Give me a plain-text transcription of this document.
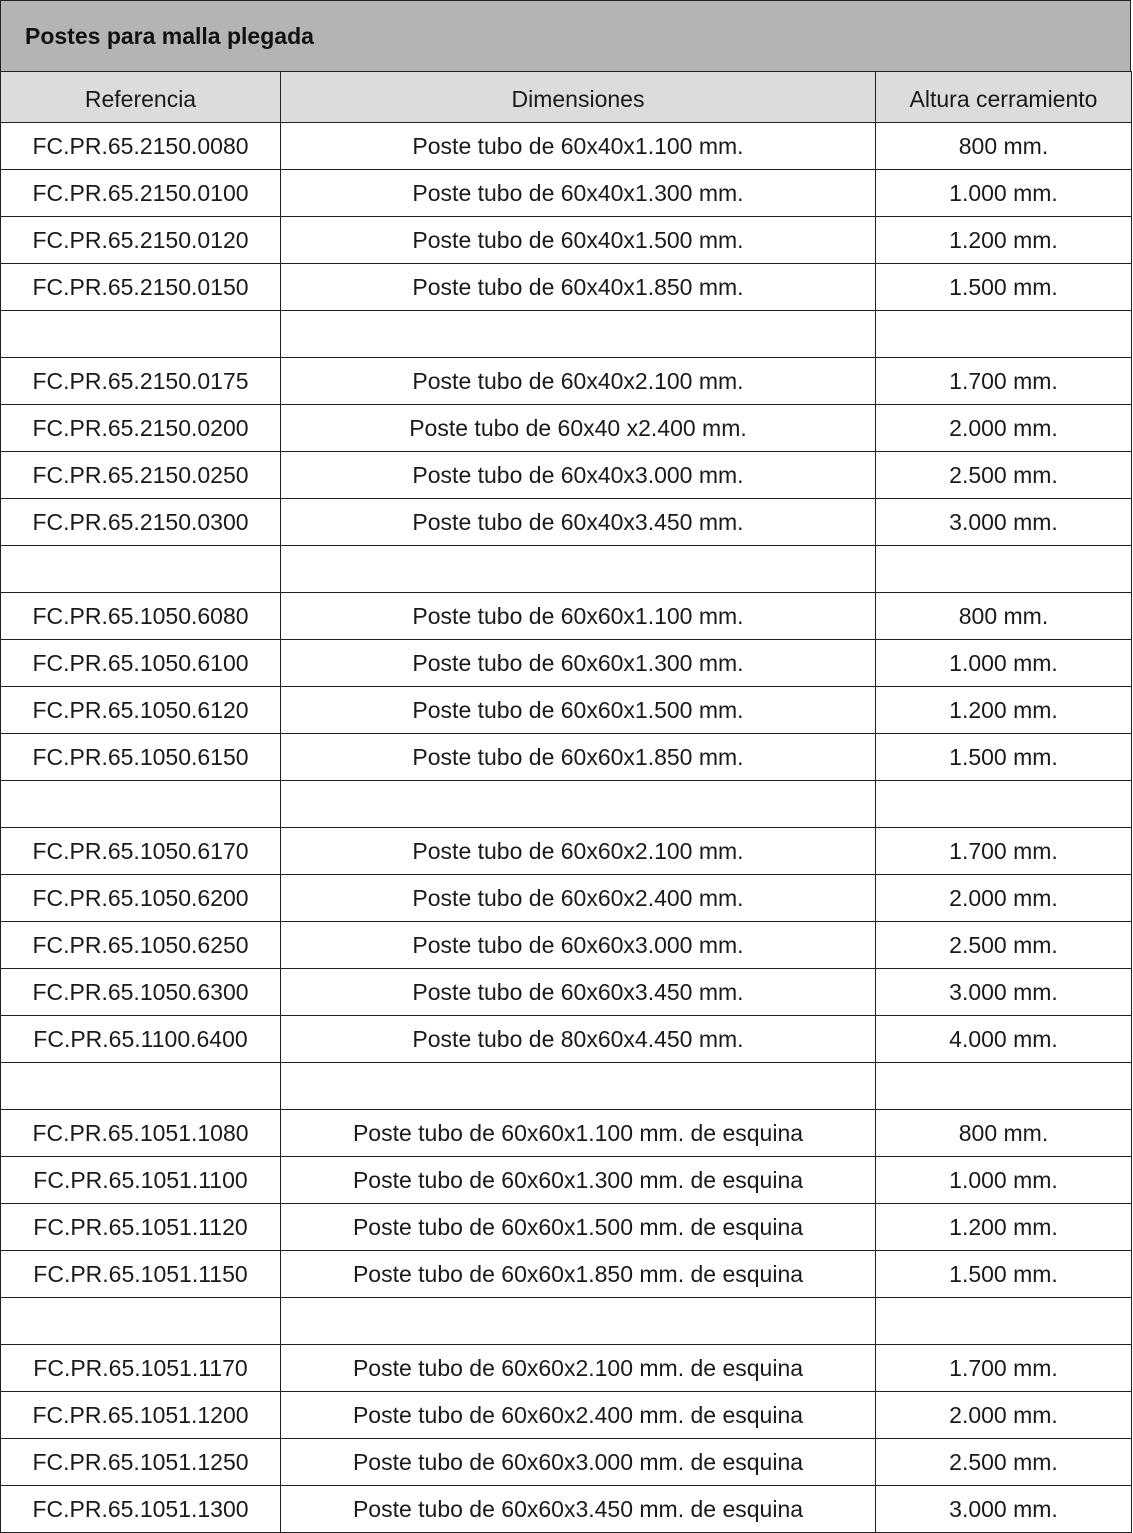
Postes para malla plegada
Referencia	Dimensiones	Altura cerramiento
FC.PR.65.2150.0080	Poste tubo de 60x40x1.100 mm.	800 mm.
FC.PR.65.2150.0100	Poste tubo de 60x40x1.300 mm.	1.000 mm.
FC.PR.65.2150.0120	Poste tubo de 60x40x1.500 mm.	1.200 mm.
FC.PR.65.2150.0150	Poste tubo de 60x40x1.850 mm.	1.500 mm.

FC.PR.65.2150.0175	Poste tubo de 60x40x2.100 mm.	1.700 mm.
FC.PR.65.2150.0200	Poste tubo de 60x40 x2.400 mm.	2.000 mm.
FC.PR.65.2150.0250	Poste tubo de 60x40x3.000 mm.	2.500 mm.
FC.PR.65.2150.0300	Poste tubo de 60x40x3.450 mm.	3.000 mm.

FC.PR.65.1050.6080	Poste tubo de 60x60x1.100 mm.	800 mm.
FC.PR.65.1050.6100	Poste tubo de 60x60x1.300 mm.	1.000 mm.
FC.PR.65.1050.6120	Poste tubo de 60x60x1.500 mm.	1.200 mm.
FC.PR.65.1050.6150	Poste tubo de 60x60x1.850 mm.	1.500 mm.

FC.PR.65.1050.6170	Poste tubo de 60x60x2.100 mm.	1.700 mm.
FC.PR.65.1050.6200	Poste tubo de 60x60x2.400 mm.	2.000 mm.
FC.PR.65.1050.6250	Poste tubo de 60x60x3.000 mm.	2.500 mm.
FC.PR.65.1050.6300	Poste tubo de 60x60x3.450 mm.	3.000 mm.
FC.PR.65.1100.6400	Poste tubo de 80x60x4.450 mm.	4.000 mm.

FC.PR.65.1051.1080	Poste tubo de 60x60x1.100 mm. de esquina	800 mm.
FC.PR.65.1051.1100	Poste tubo de 60x60x1.300 mm. de esquina	1.000 mm.
FC.PR.65.1051.1120	Poste tubo de 60x60x1.500 mm. de esquina	1.200 mm.
FC.PR.65.1051.1150	Poste tubo de 60x60x1.850 mm. de esquina	1.500 mm.

FC.PR.65.1051.1170	Poste tubo de 60x60x2.100 mm. de esquina	1.700 mm.
FC.PR.65.1051.1200	Poste tubo de 60x60x2.400 mm. de esquina	2.000 mm.
FC.PR.65.1051.1250	Poste tubo de 60x60x3.000 mm. de esquina	2.500 mm.
FC.PR.65.1051.1300	Poste tubo de 60x60x3.450 mm. de esquina	3.000 mm.
